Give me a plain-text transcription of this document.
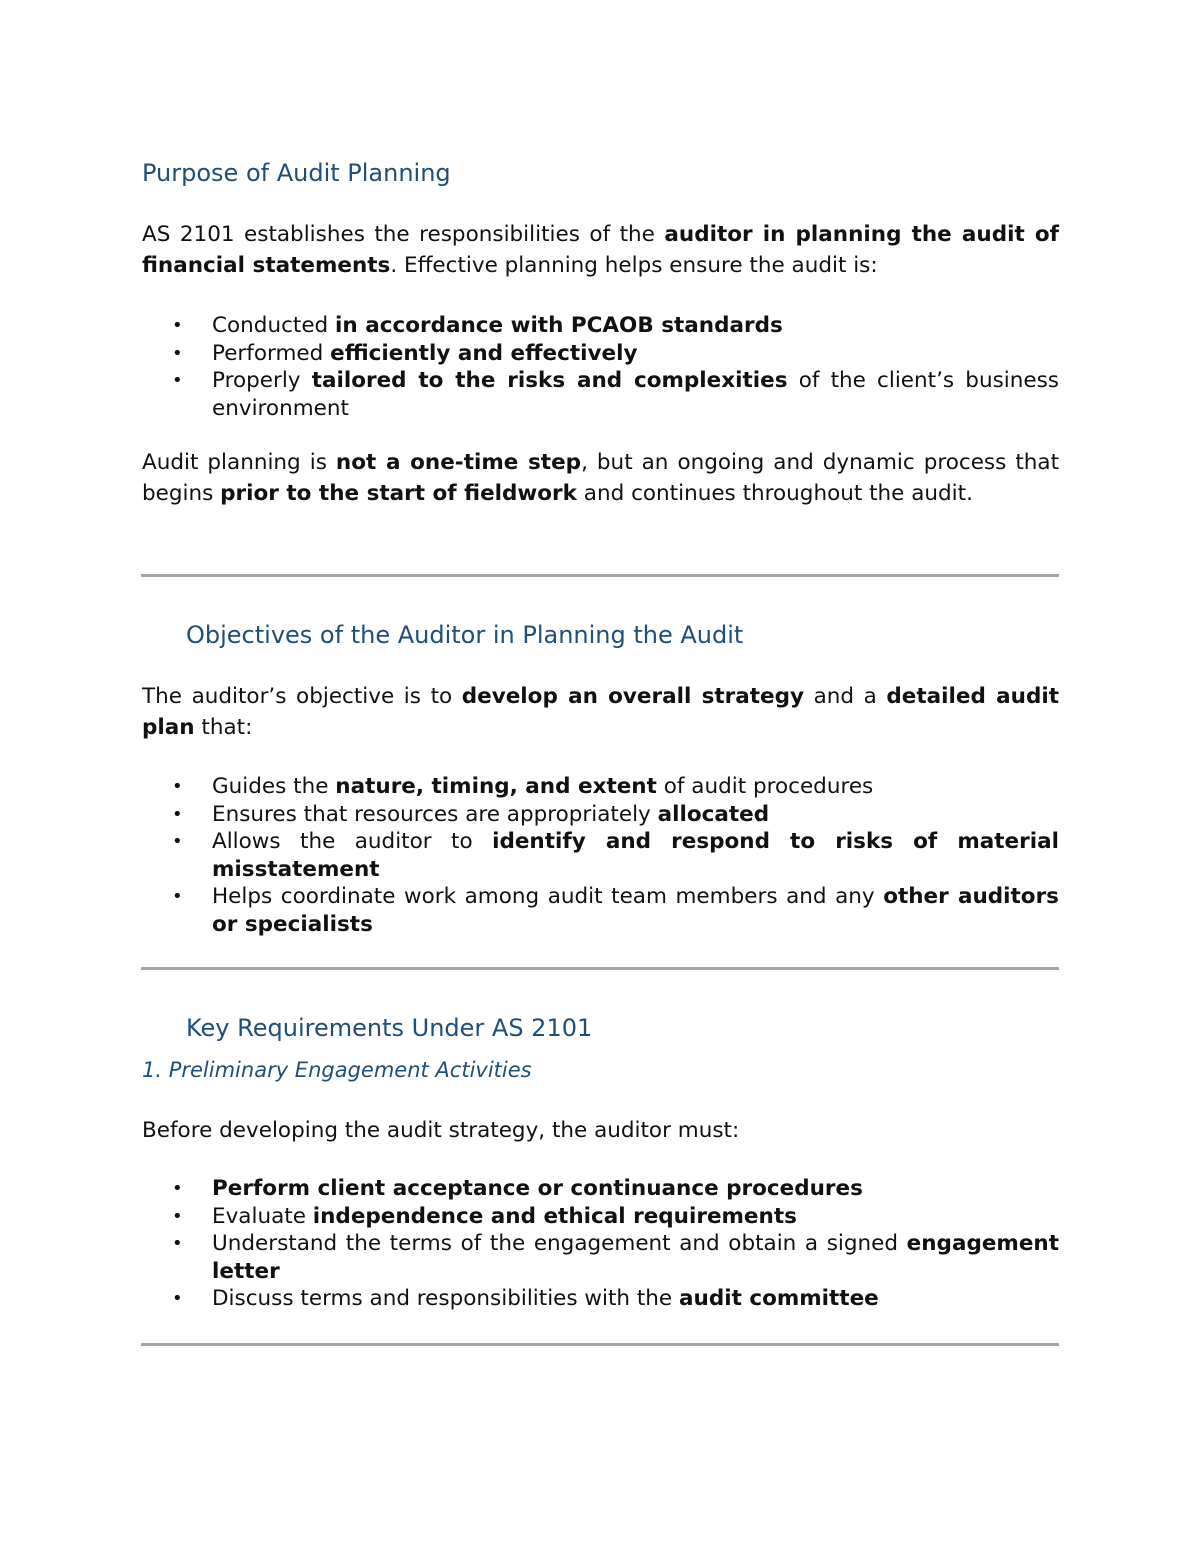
Purpose of Audit Planning

AS 2101 establishes the responsibilities of the auditor in planning the audit of financial statements. Effective planning helps ensure the audit is:

• Conducted in accordance with PCAOB standards
• Performed efficiently and effectively
• Properly tailored to the risks and complexities of the client’s business environment

Audit planning is not a one-time step, but an ongoing and dynamic process that begins prior to the start of fieldwork and continues throughout the audit.

Objectives of the Auditor in Planning the Audit

The auditor’s objective is to develop an overall strategy and a detailed audit plan that:

• Guides the nature, timing, and extent of audit procedures
• Ensures that resources are appropriately allocated
• Allows the auditor to identify and respond to risks of material misstatement
• Helps coordinate work among audit team members and any other auditors or specialists
Key Requirements Under AS 2101
1. Preliminary Engagement Activities

Before developing the audit strategy, the auditor must:

• Perform client acceptance or continuance procedures
• Evaluate independence and ethical requirements
• Understand the terms of the engagement and obtain a signed engagement letter
• Discuss terms and responsibilities with the audit committee
